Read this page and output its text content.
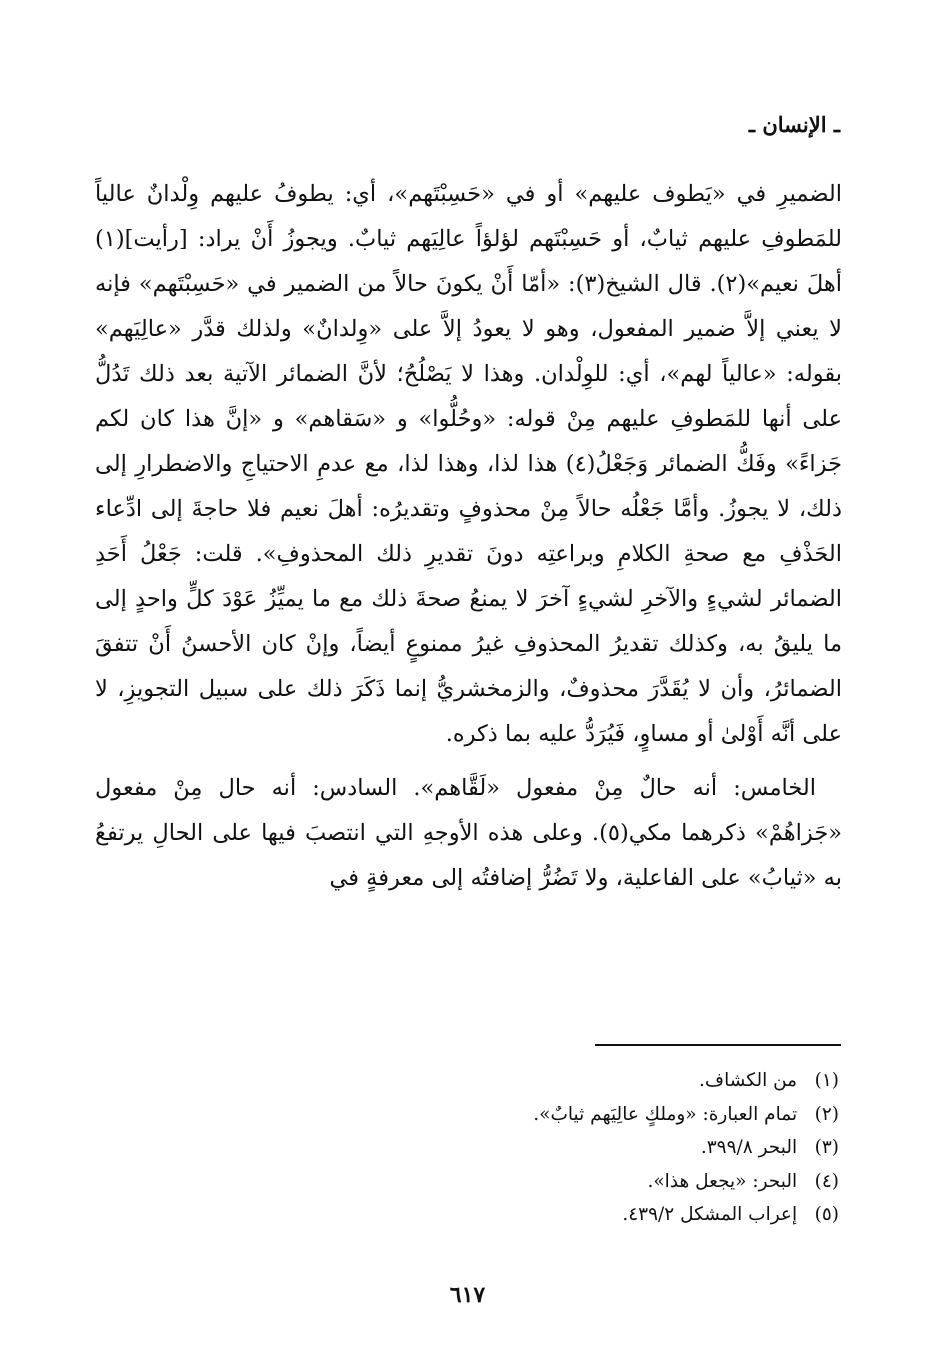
ـ الإنسان ـ

الضميرِ في «يَطوف عليهم» أو في «حَسِبْتَهم»، أي: يطوفُ عليهم وِلْدانٌ عالياً للمَطوفِ عليهم ثيابٌ، أو حَسِبْتَهم لؤلؤاً عالِيَهم ثيابٌ. ويجوزُ أَنْ يراد: [رأيت](١) أهلَ نعيم»(٢). قال الشيخ(٣): «أمّا أَنْ يكونَ حالاً من الضمير في «حَسِبْتَهم» فإنه لا يعني إلاَّ ضمير المفعول، وهو لا يعودُ إلاَّ على «وِلدانٌ» ولذلك قدَّر «عالِيَهم» بقوله: «عالياً لهم»، أي: للوِلْدان. وهذا لا يَصْلُحُ؛ لأنَّ الضمائر الآتية بعد ذلك تَدُلُّ على أنها للمَطوفِ عليهم مِنْ قوله: «وحُلُّوا» و «سَقاهم» و «إنَّ هذا كان لكم جَزاءً» وفَكُّ الضمائر وَجَعْلُ(٤) هذا لذا، وهذا لذا، مع عدمِ الاحتياجِ والاضطرارِ إلى ذلك، لا يجوزُ. وأمَّا جَعْلُه حالاً مِنْ محذوفٍ وتقديرُه: أهلَ نعيم فلا حاجةَ إلى ادِّعاء الحَذْفِ مع صحةِ الكلامِ وبراعتِه دونَ تقديرِ ذلك المحذوفِ». قلت: جَعْلُ أَحَدِ الضمائر لشيءٍ والآخرِ لشيءٍ آخرَ لا يمنعُ صحةَ ذلك مع ما يميِّزُ عَوْدَ كلٍّ واحدٍ إلى ما يليقُ به، وكذلك تقديرُ المحذوفِ غيرُ ممنوعٍ أيضاً، وإنْ كان الأحسنُ أَنْ تتفقَ الضمائرُ، وأن لا يُقَدَّرَ محذوفٌ، والزمخشريُّ إنما ذَكَرَ ذلك على سبيل التجويزِ، لا على أنَّه أَوْلىٰ أو مساوٍ، فَيُرَدُّ عليه بما ذكره.

الخامس: أنه حالٌ مِنْ مفعول «لَقَّاهم». السادس: أنه حال مِنْ مفعول «جَزاهُمْ» ذكرهما مكي(٥). وعلى هذه الأوجهِ التي انتصبَ فيها على الحالِ يرتفعُ به «ثيابُ» على الفاعلية، ولا تَضُرُّ إضافتُه إلى معرفةٍ في

(١) من الكشاف.
(٢) تمام العبارة: «وملكٍ عالِيَهم ثيابٌ».
(٣) البحر ٣٩٩/٨.
(٤) البحر: «يجعل هذا».
(٥) إعراب المشكل ٤٣٩/٢.
٦١٧
